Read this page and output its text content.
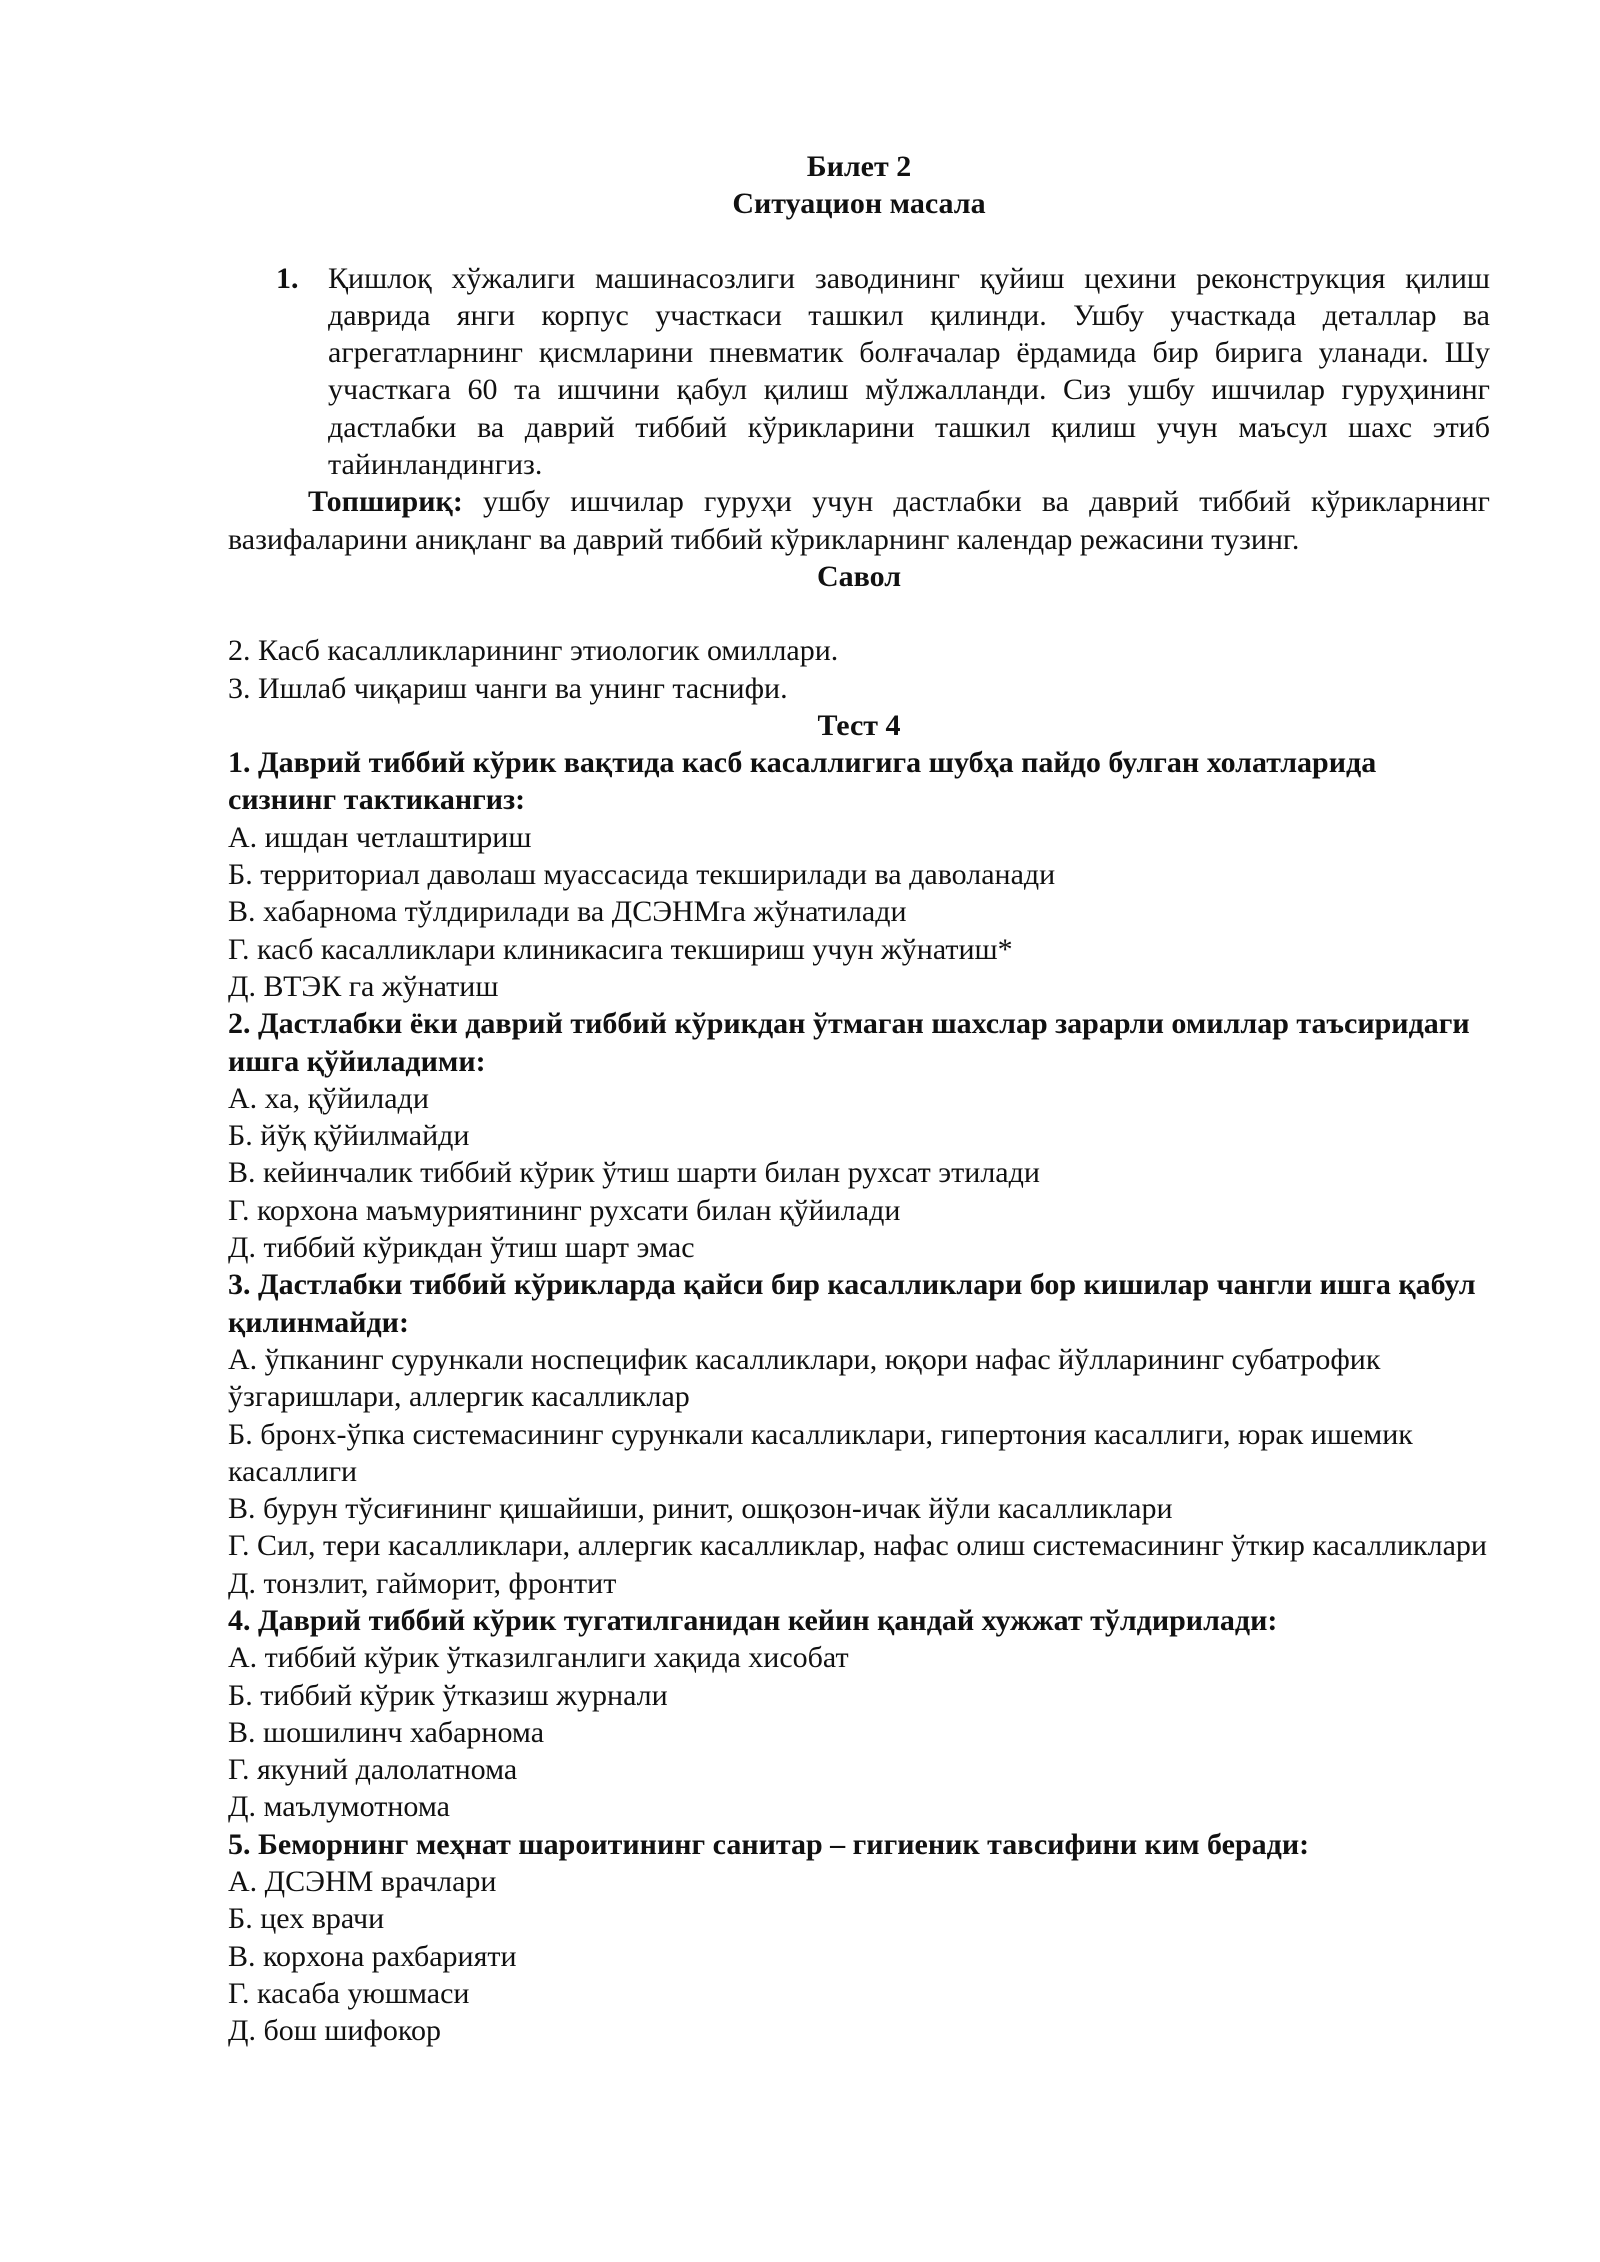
Билет 2
Ситуацион масала
1. Қишлоқ хўжалиги машинасозлиги заводининг қуйиш цехини реконструкция қилиш даврида янги корпус участкаси ташкил қилинди. Ушбу участкада деталлар ва агрегатларнинг қисмларини пневматик болғачалар ёрдамида бир бирига уланади. Шу участкага 60 та ишчини қабул қилиш мўлжалланди. Сиз ушбу ишчилар гуруҳининг дастлабки ва даврий тиббий кўрикларини ташкил қилиш учун маъсул шахс этиб тайинландингиз.
Топшириқ: ушбу ишчилар гуруҳи учун дастлабки ва даврий тиббий кўрикларнинг вазифаларини аниқланг ва даврий тиббий кўрикларнинг календар режасини тузинг.
Савол
2. Касб касалликларининг этиологик омиллари.
3. Ишлаб чиқариш чанги ва унинг таснифи.
Тест 4
1. Даврий тиббий кўрик вақтида касб касаллигига шубҳа пайдо булган холатларида сизнинг тактикангиз:
А. ишдан четлаштириш
Б. территориал даволаш муассасида текширилади ва даволанади
В. хабарнома тўлдирилади ва ДСЭНМга жўнатилади
Г. касб касалликлари клиникасига текшириш учун жўнатиш*
Д. ВТЭК га жўнатиш
2. Дастлабки ёки даврий тиббий кўрикдан ўтмаган шахслар зарарли омиллар таъсиридаги ишга қўйиладими:
А. ха, қўйилади
Б. йўқ қўйилмайди
В. кейинчалик тиббий кўрик ўтиш шарти билан рухсат этилади
Г. корхона маъмуриятининг рухсати билан қўйилади
Д. тиббий кўрикдан ўтиш шарт эмас
3. Дастлабки тиббий кўрикларда қайси бир касалликлари бор кишилар чангли ишга қабул қилинмайди:
А. ўпканинг сурункали носпецифик касалликлари, юқори нафас йўлларининг субатрофик ўзгаришлари, аллергик касалликлар
Б. бронх-ўпка системасининг сурункали касалликлари, гипертония касаллиги, юрак ишемик касаллиги
В. бурун тўсиғининг қишайиши, ринит, ошқозон-ичак йўли касалликлари
Г. Сил, тери касалликлари, аллергик касалликлар, нафас олиш системасининг ўткир касалликлари
Д. тонзлит, гайморит, фронтит
4. Даврий тиббий кўрик тугатилганидан кейин қандай хужжат тўлдирилади:
А. тиббий кўрик ўтказилганлиги хақида хисобат
Б. тиббий кўрик ўтказиш журнали
В. шошилинч хабарнома
Г. якуний далолатнома
Д. маълумотнома
5. Беморнинг меҳнат шароитининг санитар – гигиеник тавсифини ким беради:
А. ДСЭНМ врачлари
Б. цех врачи
В. корхона рахбарияти
Г. касаба уюшмаси
Д. бош шифокор
